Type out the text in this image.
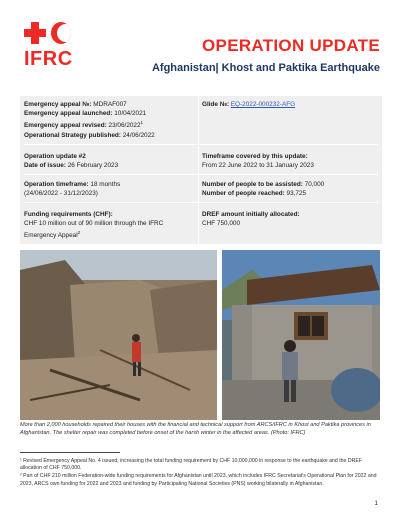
IFRC
OPERATION UPDATE
Afghanistan| Khost and Paktika Earthquake
Emergency appeal №: MDRAF007
Emergency appeal launched: 10/04/2021
Emergency appeal revised: 23/06/2022$^1$
Operational Strategy published: 24/06/2022
Glide №: EQ-2022-000232-AFG
Operation update #2
Date of issue: 26 February 2023
Timeframe covered by this update:
From 22 June 2022 to 31 January 2023
Operation timeframe: 18 months
(24/06/2022 - 31/12/2023)
Number of people to be assisted: 70,000
Number of people reached: 93,725
Funding requirements (CHF):
CHF 10 million out of 90 million through the IFRC Emergency Appeal$^2$
DREF amount initially allocated:
CHF 750,000
More than 2,000 households repaired their houses with the financial and technical support from ARCS/IFRC in Khost and Paktika provinces in Afghanistan. The shelter repair was completed before onset of the harsh winter in the affected areas. (Photo: IFRC)
¹ Revised Emergency Appeal No. 4 issued, increasing the total funding requirement by CHF 10,000,000 in response to the earthquake and the DREF allocation of CHF 750,000.
² Part of CHF 210 million Federation-wide funding requirements for Afghanistan until 2023, which includes IFRC Secretariat's Operational Plan for 2022 and 2023, ARCS own funding for 2022 and 2023 and funding by Participating National Societies (PNS) working bilaterally in Afghanistan.
1
